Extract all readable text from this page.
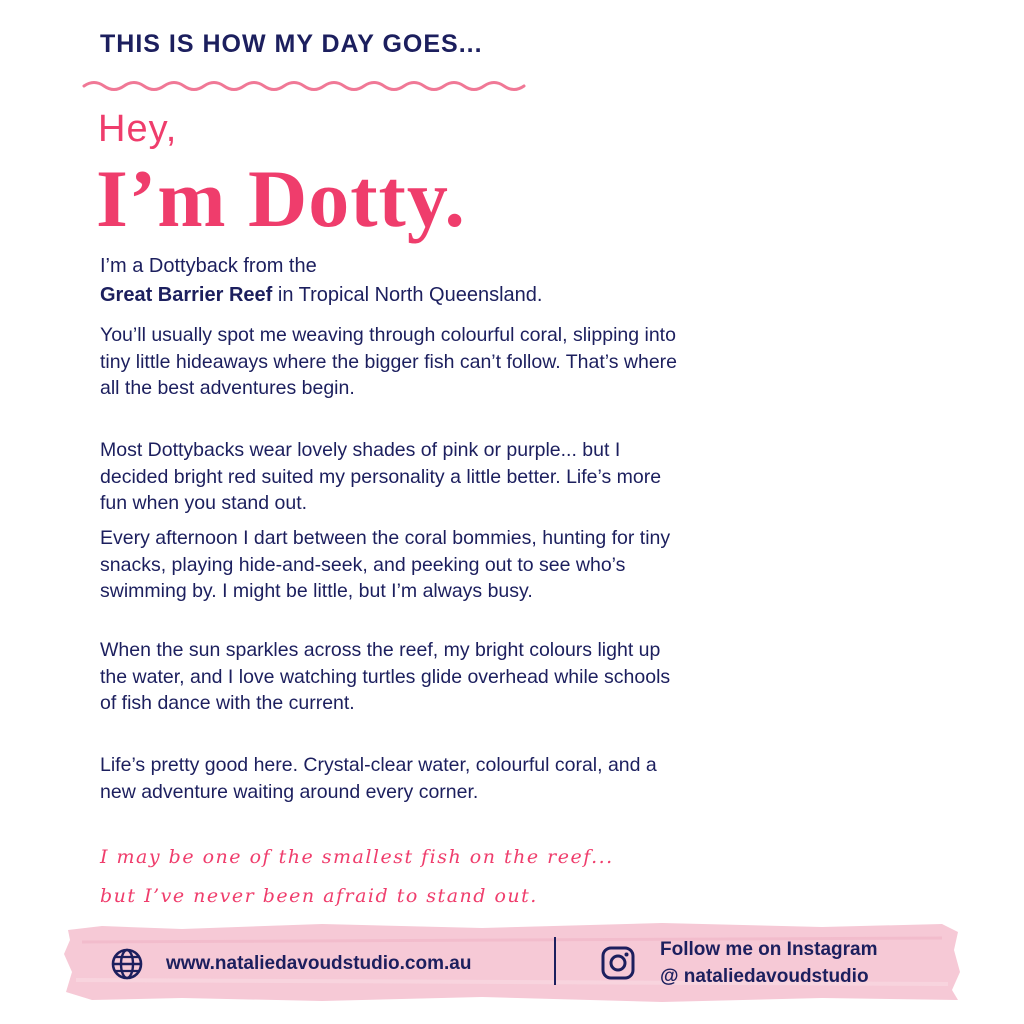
THIS IS HOW MY DAY GOES...
Hey,
I’m Dotty.
I’m a Dottyback from the
Great Barrier Reef in Tropical North Queensland.

You’ll usually spot me weaving through colourful coral, slipping into tiny little hideaways where the bigger fish can’t follow. That’s where all the best adventures begin.

Most Dottybacks wear lovely shades of pink or purple... but I decided bright red suited my personality a little better. Life’s more fun when you stand out.

Every afternoon I dart between the coral bommies, hunting for tiny snacks, playing hide-and-seek, and peeking out to see who’s swimming by. I might be little, but I’m always busy.

When the sun sparkles across the reef, my bright colours light up the water, and I love watching turtles glide overhead while schools of fish dance with the current.

Life’s pretty good here. Crystal-clear water, colourful coral, and a new adventure waiting around every corner.

I may be one of the smallest fish on the reef...
but I’ve never been afraid to stand out.
www.nataliedavoudstudio.com.au
Follow me on Instagram
@ nataliedavoudstudio
